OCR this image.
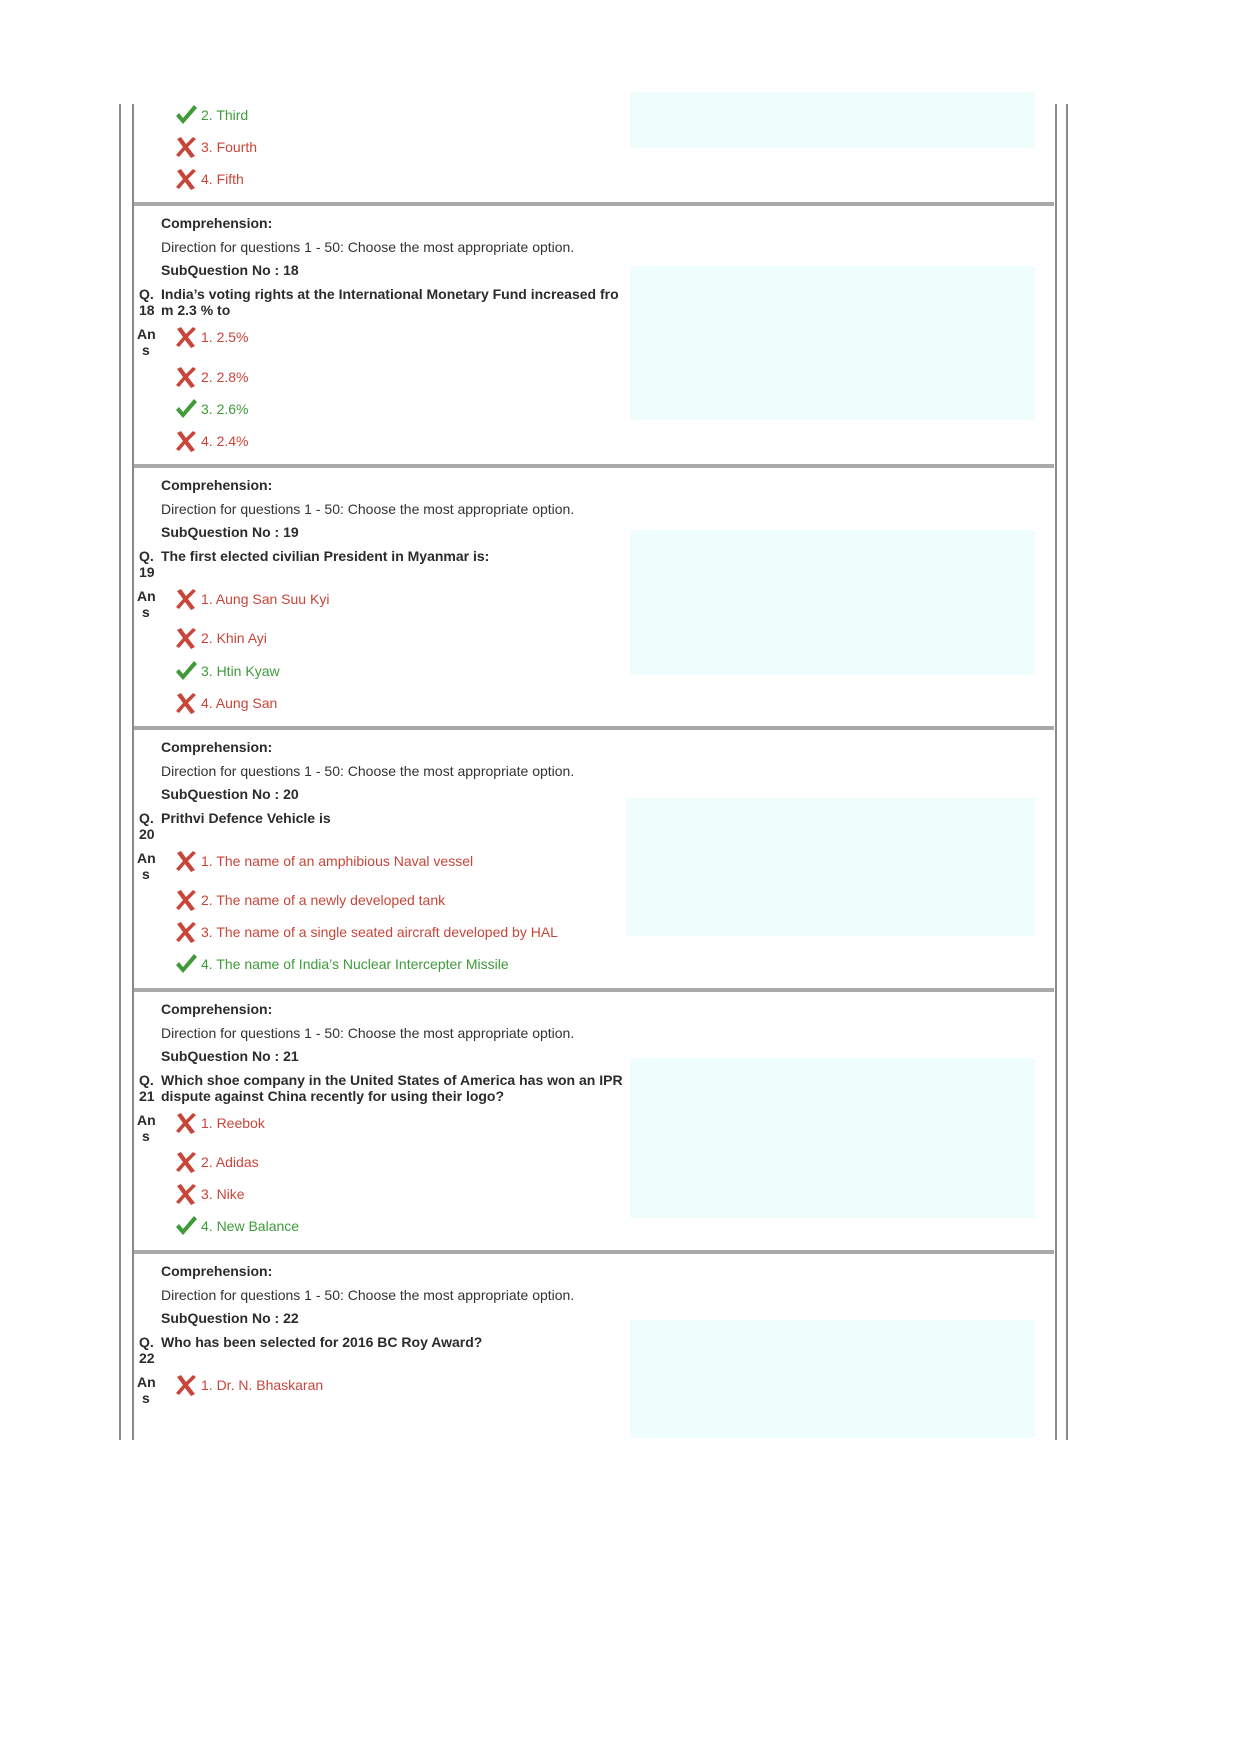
2. Third
3. Fourth
4. Fifth
Comprehension:
Direction for questions 1 - 50: Choose the most appropriate option.
SubQuestion No : 18
Q.
18
India’s voting rights at the International Monetary Fund increased fro
m 2.3 % to
An
s
1. 2.5%
2. 2.8%
3. 2.6%
4. 2.4%
Comprehension:
Direction for questions 1 - 50: Choose the most appropriate option.
SubQuestion No : 19
Q.
19
The first elected civilian President in Myanmar is:
An
s
1. Aung San Suu Kyi
2. Khin Ayi
3. Htin Kyaw
4. Aung San
Comprehension:
Direction for questions 1 - 50: Choose the most appropriate option.
SubQuestion No : 20
Q.
20
Prithvi Defence Vehicle is
An
s
1. The name of an amphibious Naval vessel
2. The name of a newly developed tank
3. The name of a single seated aircraft developed by HAL
4. The name of India’s Nuclear Intercepter Missile
Comprehension:
Direction for questions 1 - 50: Choose the most appropriate option.
SubQuestion No : 21
Q.
21
Which shoe company in the United States of America has won an IPR
dispute against China recently for using their logo?
An
s
1. Reebok
2. Adidas
3. Nike
4. New Balance
Comprehension:
Direction for questions 1 - 50: Choose the most appropriate option.
SubQuestion No : 22
Q.
22
Who has been selected for 2016 BC Roy Award?
An
s
1. Dr. N. Bhaskaran
